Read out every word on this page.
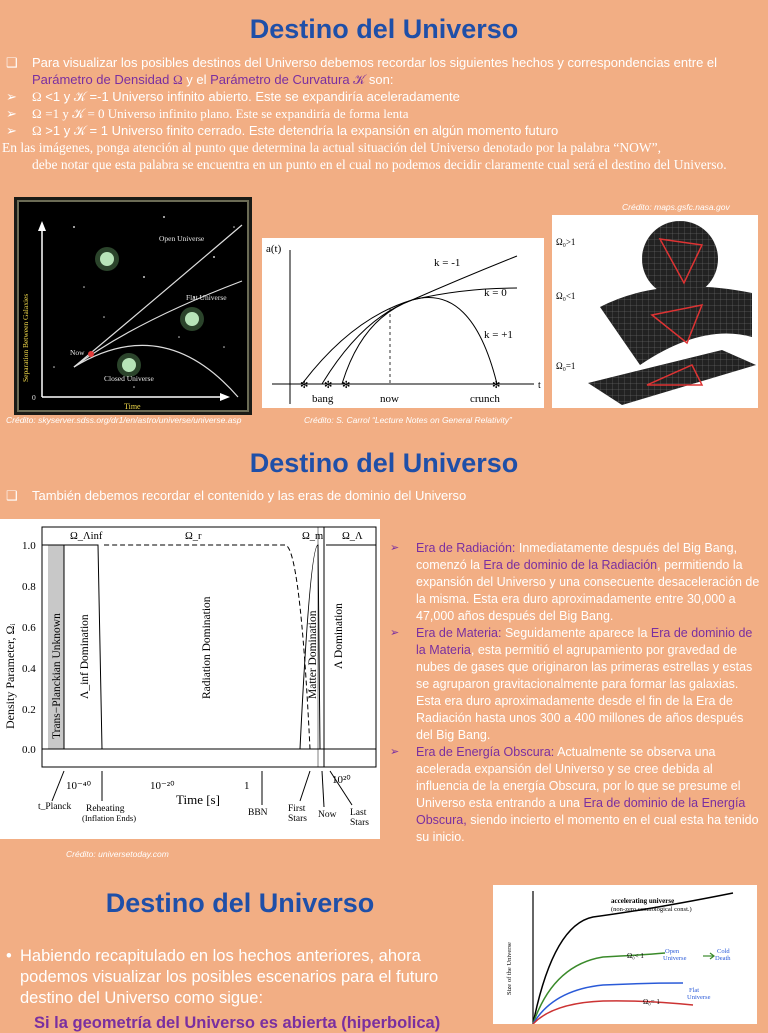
Destino del Universo
❑	Para visualizar los posibles destinos del Universo debemos recordar los siguientes hechos y correspondencias entre el
Parámetro de Densidad Ω y el Parámetro de Curvatura 𝒦 son:
➢	Ω <1 y 𝒦 =-1 Universo infinito abierto. Este se expandiría aceleradamente
➢	Ω =1 y 𝒦 = 0 Universo infinito plano. Este se expandiría de forma lenta
➢	Ω >1 y 𝒦 = 1 Universo finito cerrado. Este detendría la expansión en algún momento futuro
En las imágenes, ponga atención al punto que determina la actual situación del Universo denotado por la palabra “NOW”,

debe notar que esta palabra se encuentra en un punto en el cual no podemos decidir claramente cual será el destino del Universo.
Crédito: maps.gsfc.nasa.gov
Open Universe
Flat Universe
Closed Universe
Now
0
Time
Separation Between Galaxies
a(t)
t
k = -1
k = 0
k = +1
bang	now	crunch
✻ ✻ ✻	✻
Ω₀>1
Ω₀<1
Ω₀=1
Crédito: skyserver.sdss.org/dr1/en/astro/universe/universe.asp	Crédito: S. Carrol “Lecture Notes on General Relativity”
Destino del Universo
❑	También debemos recordar el contenido y las eras de dominio del Universo
1.0
0.8
0.6
0.4
0.2
0.0
10⁻⁴⁰	10⁻²⁰	1	10²⁰
Time [s]
Density Parameter, Ωᵢ
Ω_Λinf	Ω_r	Ω_m Ω_Λ
Trans−Planckian Unknown Λ_inf Domination	Radiation Domination	Matter Domination Λ Domination
t_Planck Reheating
(Inflation Ends)	BBN First
Stars Now Last
Stars
Crédito: universetoday.com
➢	Era de Radiación: Inmediatamente después del Big Bang, comenzó la Era de dominio de la Radiación, permitiendo la expansión del Universo y una consecuente desaceleración de la misma. Esta era duro aproximadamente entre 30,000 a 47,000 años después del Big Bang.
➢	Era de Materia: Seguidamente aparece la Era de dominio de la Materia, esta permitió el agrupamiento por gravedad de nubes de gases que originaron las primeras estrellas y estas se agruparon gravitacionalmente para formar las galaxias. Esta era duro aproximadamente desde el fin de la Era de Radiación hasta unos 300 a 400 millones de años después del Big Bang.
➢	Era de Energía Obscura: Actualmente se observa una acelerada expansión del Universo y se cree debida al influencia de la energía Obscura, por lo que se presume el Universo esta entrando a una Era de dominio de la Energía Obscura, siendo incierto el momento en el cual esta ha tenido su inicio.
Destino del Universo
• Habiendo recapitulado en los hechos anteriores, ahora podemos visualizar los posibles escenarios para el futuro destino del Universo como sigue:
Si la geometría del Universo es abierta (hiperbolica)
accelerating universe
(non-zero cosmological const.)
Size of the Universe	Ω₀< 1
Open
Universe
Cold
Death
Ω₀= 1
Flat
Universe
